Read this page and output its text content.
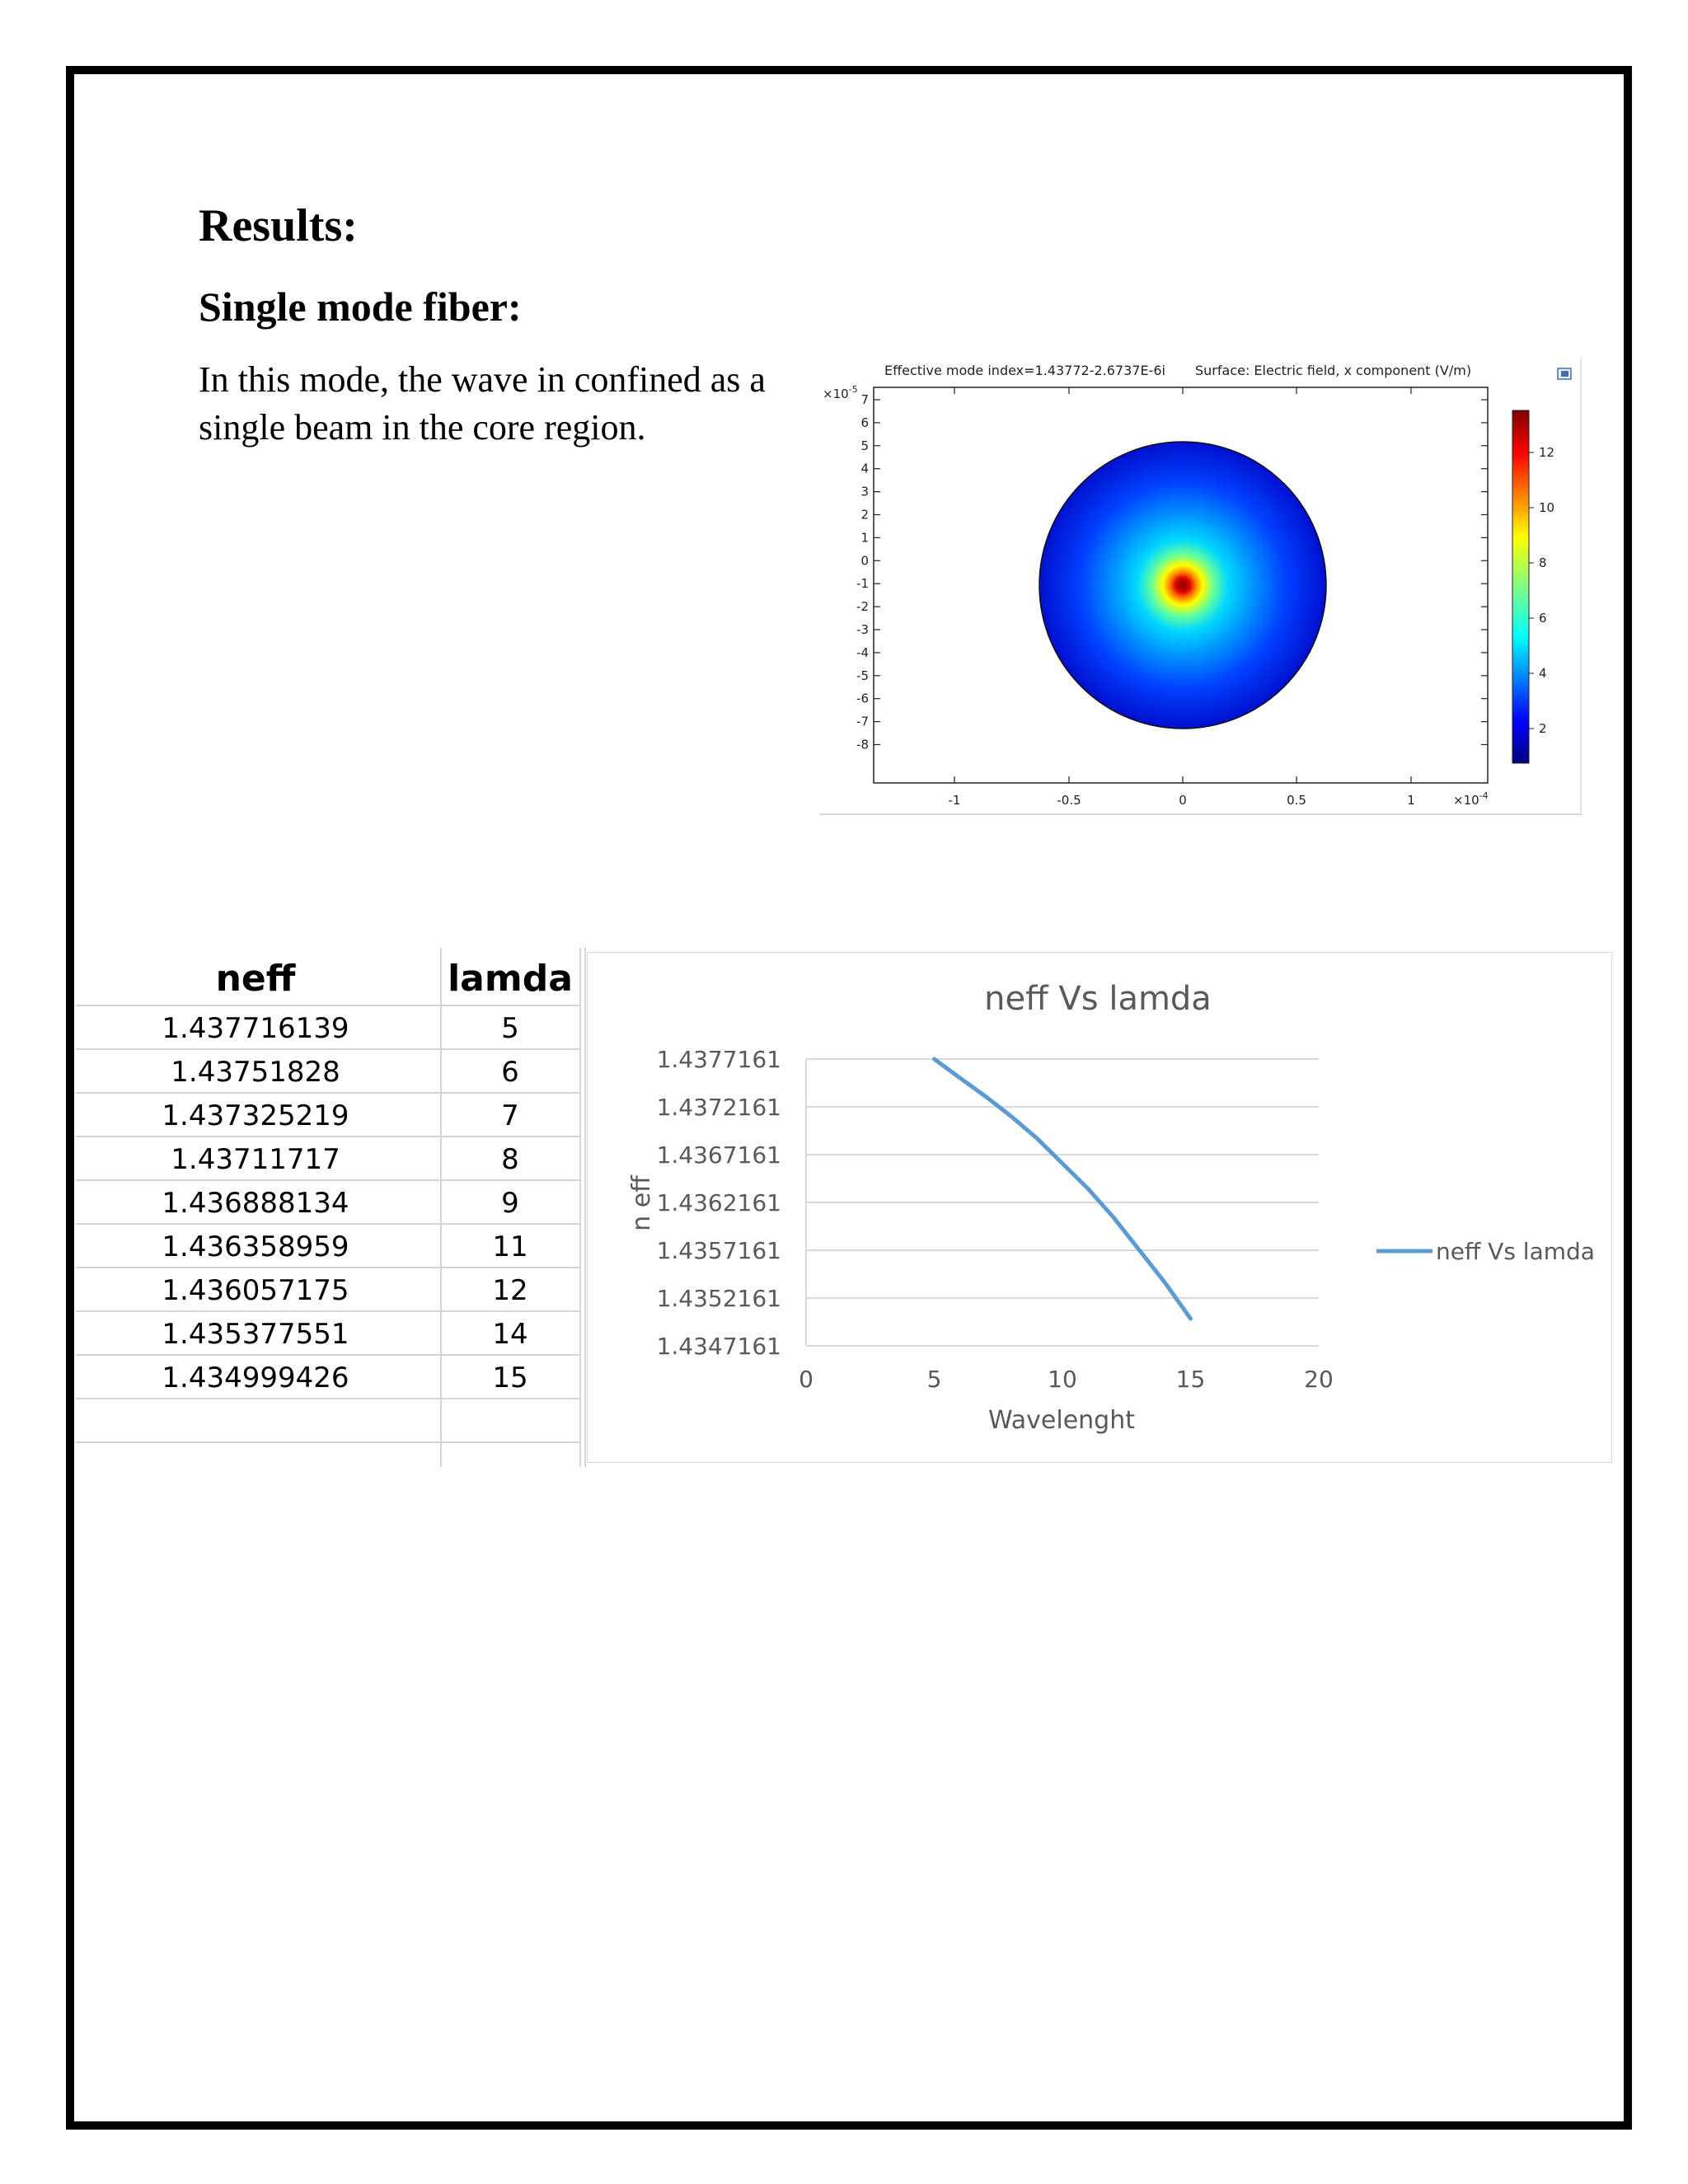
Results:
Single mode fiber:

In this mode, the wave in confined as a single beam in the core region.

Effective mode index=1.43772-2.6737E-6i Surface: Electric field, x component (V/m)
$\times 10^{-5}$
7
6
5
4
3
2
1
0
-1
-2
-3
-4
-5
-6
-7
-8
-1	-0.5	0	0.5	1	$\times 10^{-4}$
12
10
8
6
4
2
neff	lamda
1.437716139	5
1.43751828	6
1.437325219	7
1.43711717	8
1.436888134	9
1.436358959	11
1.436057175	12
1.435377551	14
1.434999426	15
neff Vs lamda
1.4377161
1.4372161
1.4367161
1.4362161
1.4357161
1.4352161
1.4347161
0	5	10	15	20
Wavelenght
n eff
neff Vs lamda
